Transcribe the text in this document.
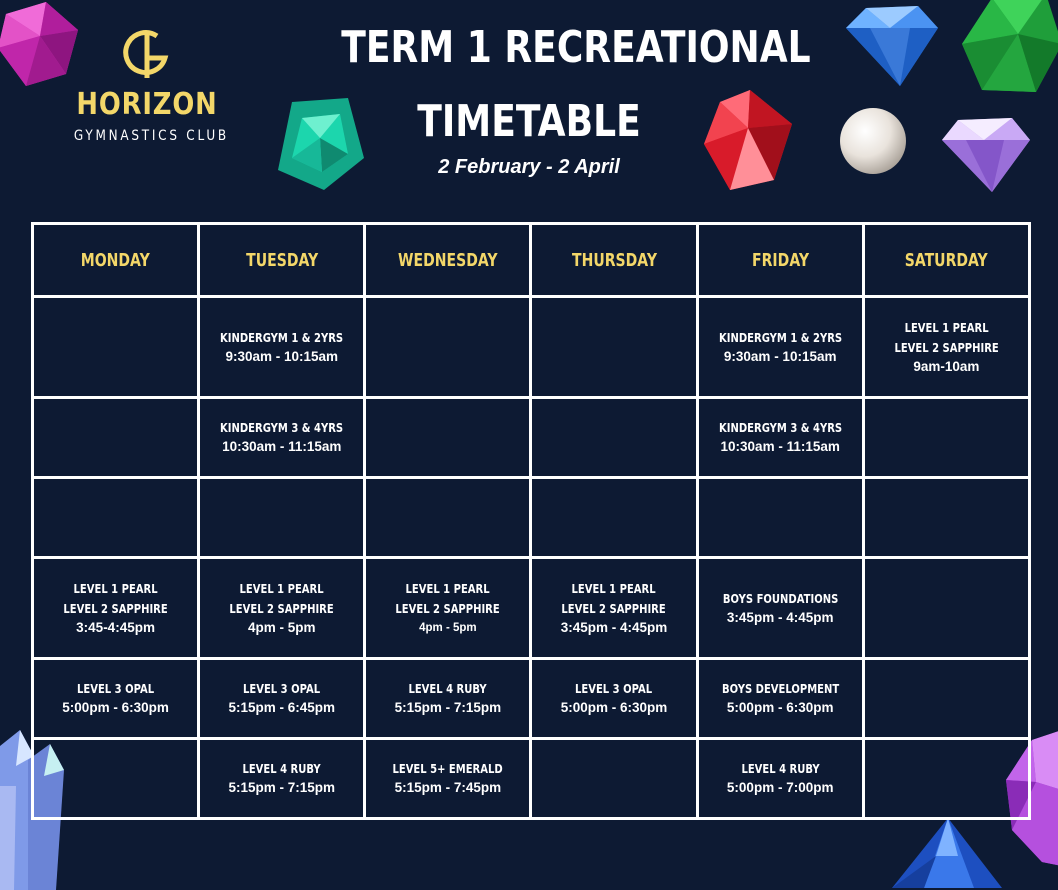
HORIZON
GYMNASTICS CLUB
TERM 1 RECREATIONAL
TIMETABLE
2 February - 2 April
MONDAY	TUESDAY	WEDNESDAY	THURSDAY	FRIDAY	SATURDAY

	KINDERGYM 1 & 2YRS
9:30am - 10:15am			KINDERGYM 1 & 2YRS
9:30am - 10:15am	LEVEL 1 PEARL
LEVEL 2 SAPPHIRE
9am-10am

	KINDERGYM 3 & 4YRS
10:30am - 11:15am			KINDERGYM 3 & 4YRS
10:30am - 11:15am	

LEVEL 1 PEARL
LEVEL 2 SAPPHIRE
3:45-4:45pm	LEVEL 1 PEARL
LEVEL 2 SAPPHIRE
4pm - 5pm	LEVEL 1 PEARL
LEVEL 2 SAPPHIRE
4pm - 5pm	LEVEL 1 PEARL
LEVEL 2 SAPPHIRE
3:45pm - 4:45pm	BOYS FOUNDATIONS
3:45pm - 4:45pm	

LEVEL 3 OPAL
5:00pm - 6:30pm	LEVEL 3 OPAL
5:15pm - 6:45pm	LEVEL 4 RUBY
5:15pm - 7:15pm	LEVEL 3 OPAL
5:00pm - 6:30pm	BOYS DEVELOPMENT
5:00pm - 6:30pm	

	LEVEL 4 RUBY
5:15pm - 7:15pm	LEVEL 5+ EMERALD
5:15pm - 7:45pm		LEVEL 4 RUBY
5:00pm - 7:00pm	
